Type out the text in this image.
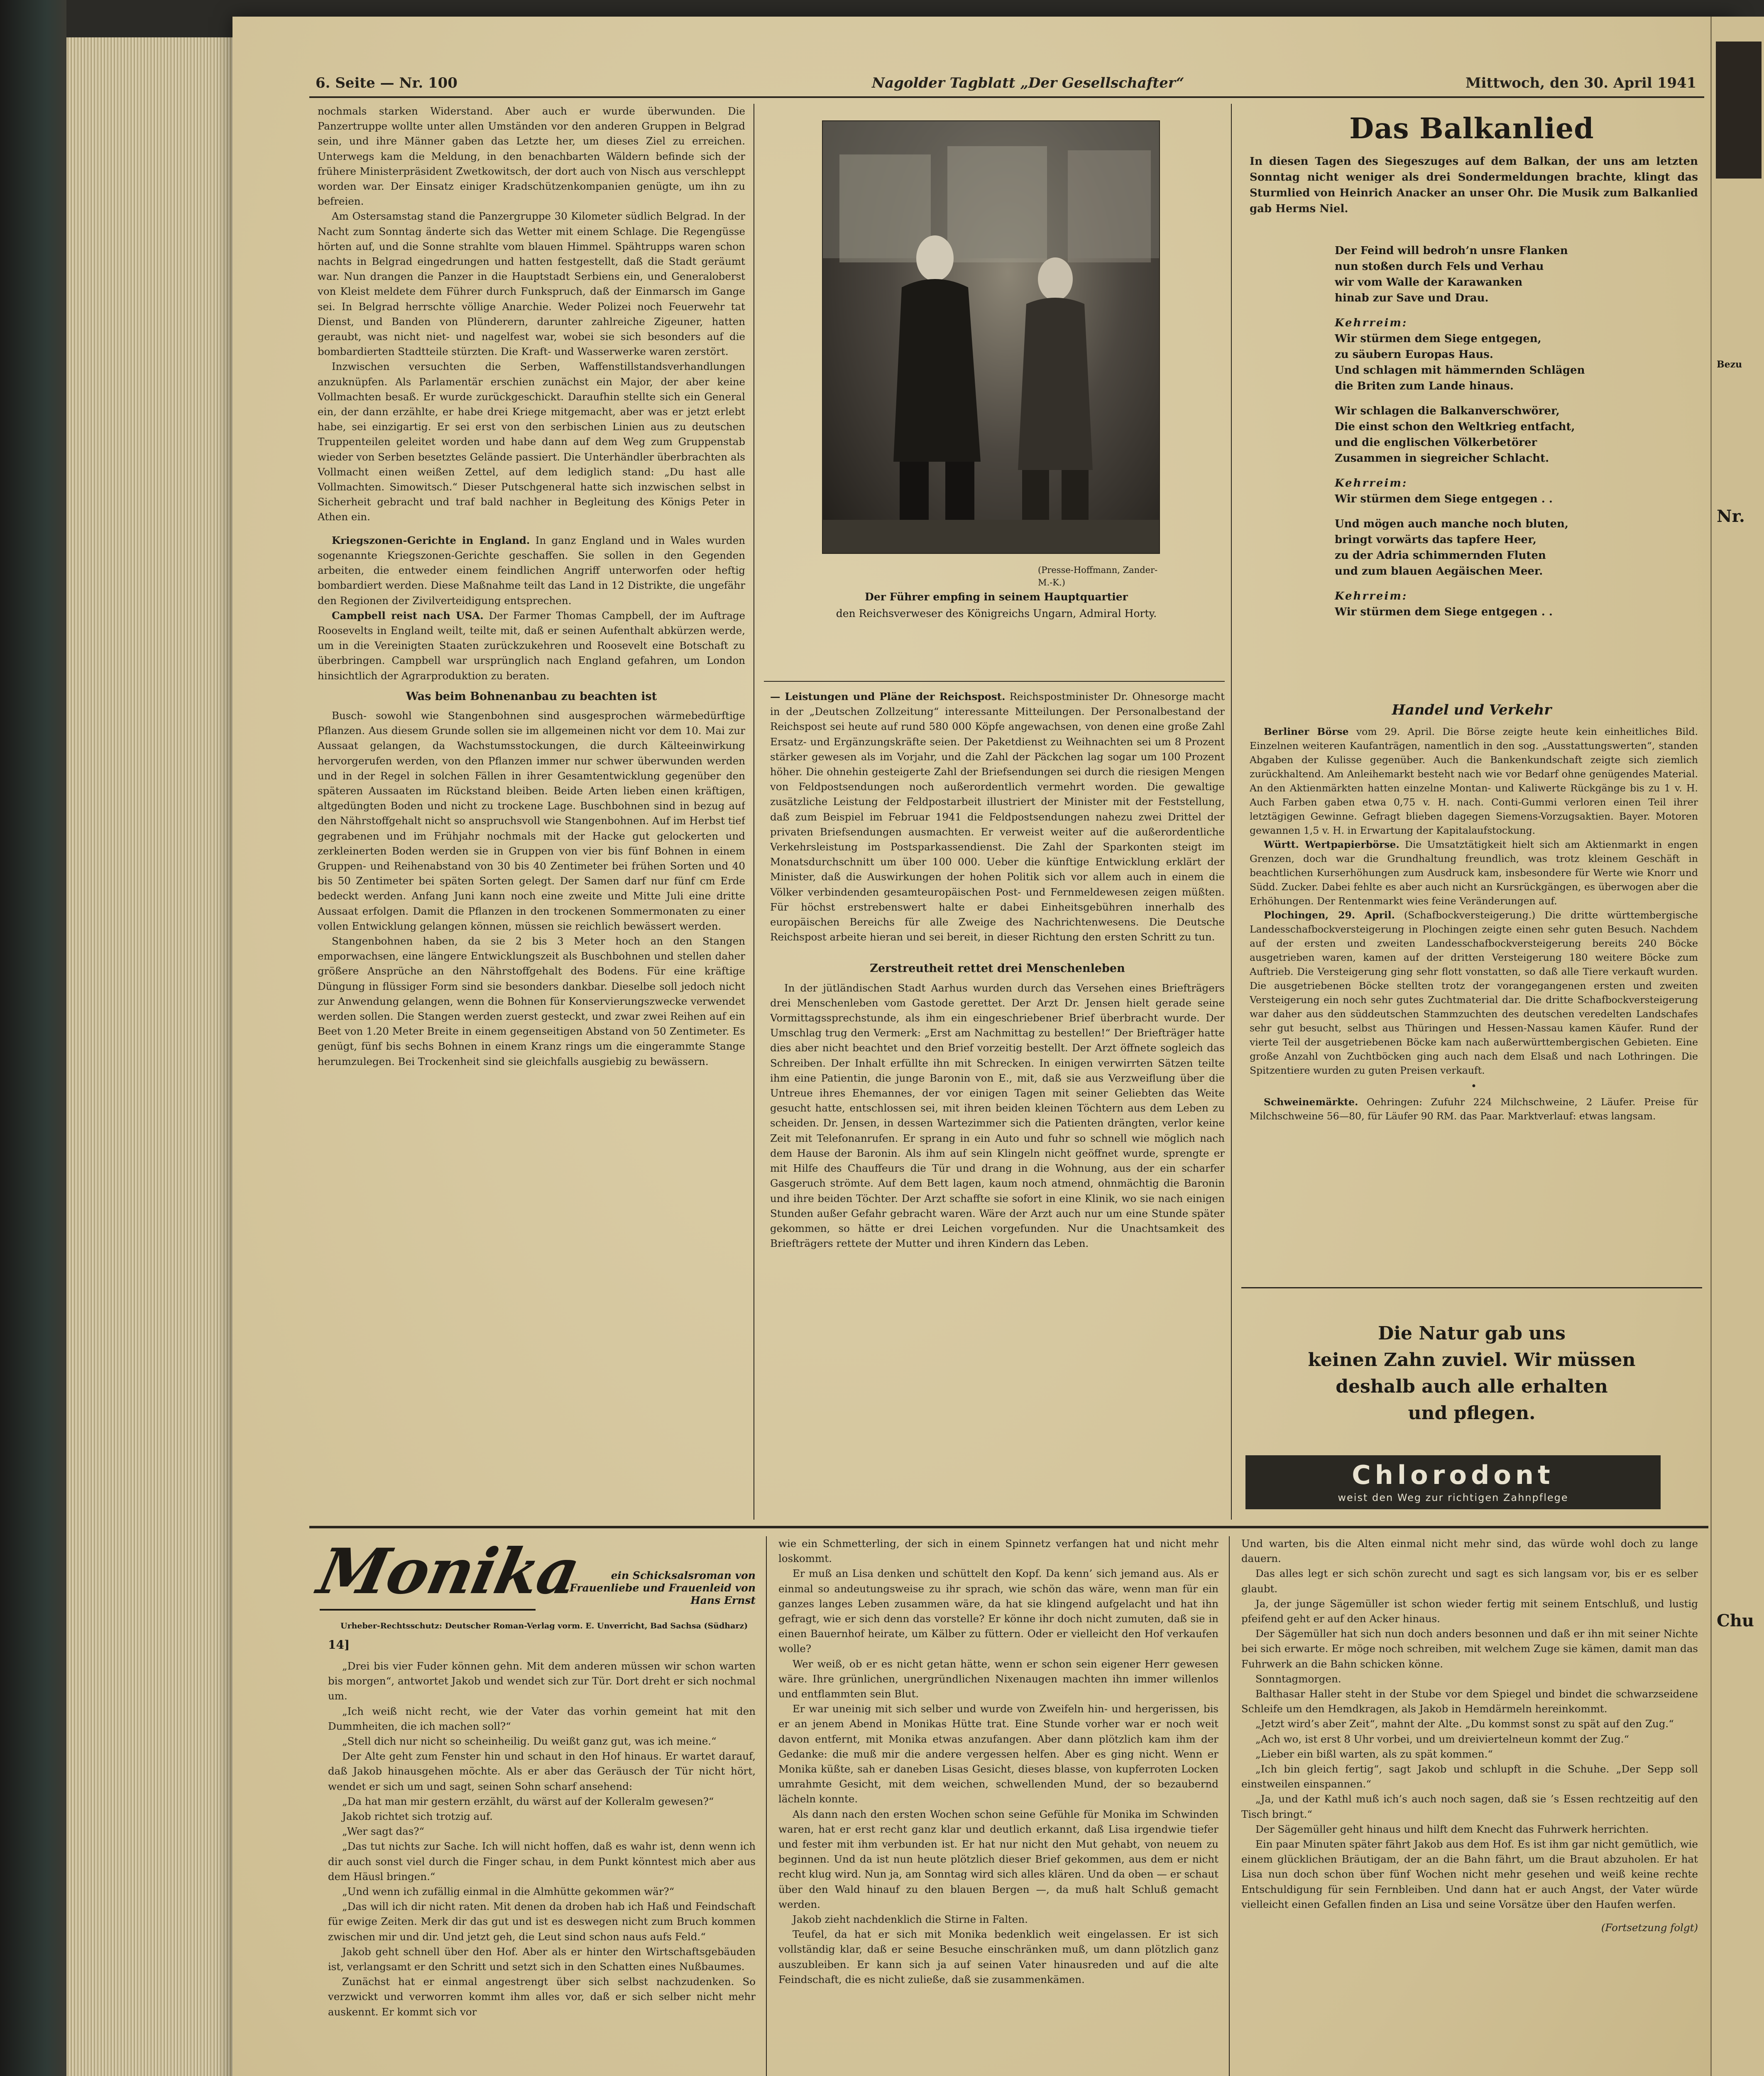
Bezu
Nr.
Chu
6. Seite — Nr. 100	Nagolder Tagblatt „Der Gesellschafter“	Mittwoch, den 30. April 1941

nochmals starken Widerstand. Aber auch er wurde überwunden. Die Panzertruppe wollte unter allen Umständen vor den anderen Gruppen in Belgrad sein, und ihre Männer gaben das Letzte her, um dieses Ziel zu erreichen. Unterwegs kam die Meldung, in den benachbarten Wäldern befinde sich der frühere Ministerpräsident Zwetkowitsch, der dort auch von Nisch aus verschleppt worden war. Der Einsatz einiger Kradschützenkompanien genügte, um ihn zu befreien.

Am Ostersamstag stand die Panzergruppe 30 Kilometer südlich Belgrad. In der Nacht zum Sonntag änderte sich das Wetter mit einem Schlage. Die Regengüsse hörten auf, und die Sonne strahlte vom blauen Himmel. Spähtrupps waren schon nachts in Belgrad eingedrungen und hatten festgestellt, daß die Stadt geräumt war. Nun drangen die Panzer in die Hauptstadt Serbiens ein, und Generaloberst von Kleist meldete dem Führer durch Funkspruch, daß der Einmarsch im Gange sei. In Belgrad herrschte völlige Anarchie. Weder Polizei noch Feuerwehr tat Dienst, und Banden von Plünderern, darunter zahlreiche Zigeuner, hatten geraubt, was nicht niet- und nagelfest war, wobei sie sich besonders auf die bombardierten Stadtteile stürzten. Die Kraft- und Wasserwerke waren zerstört.

Inzwischen versuchten die Serben, Waffenstillstandsverhandlungen anzuknüpfen. Als Parlamentär erschien zunächst ein Major, der aber keine Vollmachten besaß. Er wurde zurückgeschickt. Daraufhin stellte sich ein General ein, der dann erzählte, er habe drei Kriege mitgemacht, aber was er jetzt erlebt habe, sei einzigartig. Er sei erst von den serbischen Linien aus zu deutschen Truppenteilen geleitet worden und habe dann auf dem Weg zum Gruppenstab wieder von Serben besetztes Gelände passiert. Die Unterhändler überbrachten als Vollmacht einen weißen Zettel, auf dem lediglich stand: „Du hast alle Vollmachten. Simowitsch.“ Dieser Putschgeneral hatte sich inzwischen selbst in Sicherheit gebracht und traf bald nachher in Begleitung des Königs Peter in Athen ein.

Kriegszonen-Gerichte in England. In ganz England und in Wales wurden sogenannte Kriegszonen-Gerichte geschaffen. Sie sollen in den Gegenden arbeiten, die entweder einem feindlichen Angriff unterworfen oder heftig bombardiert werden. Diese Maßnahme teilt das Land in 12 Distrikte, die ungefähr den Regionen der Zivilverteidigung entsprechen.

Campbell reist nach USA. Der Farmer Thomas Campbell, der im Auftrage Roosevelts in England weilt, teilte mit, daß er seinen Aufenthalt abkürzen werde, um in die Vereinigten Staaten zurückzukehren und Roosevelt eine Botschaft zu überbringen. Campbell war ursprünglich nach England gefahren, um London hinsichtlich der Agrarproduktion zu beraten.

Was beim Bohnenanbau zu beachten ist

Busch- sowohl wie Stangenbohnen sind ausgesprochen wärmebedürftige Pflanzen. Aus diesem Grunde sollen sie im allgemeinen nicht vor dem 10. Mai zur Aussaat gelangen, da Wachstumsstockungen, die durch Kälteeinwirkung hervorgerufen werden, von den Pflanzen immer nur schwer überwunden werden und in der Regel in solchen Fällen in ihrer Gesamtentwicklung gegenüber den späteren Aussaaten im Rückstand bleiben. Beide Arten lieben einen kräftigen, altgedüngten Boden und nicht zu trockene Lage. Buschbohnen sind in bezug auf den Nährstoffgehalt nicht so anspruchsvoll wie Stangenbohnen. Auf im Herbst tief gegrabenen und im Frühjahr nochmals mit der Hacke gut gelockerten und zerkleinerten Boden werden sie in Gruppen von vier bis fünf Bohnen in einem Gruppen- und Reihenabstand von 30 bis 40 Zentimeter bei frühen Sorten und 40 bis 50 Zentimeter bei späten Sorten gelegt. Der Samen darf nur fünf cm Erde bedeckt werden. Anfang Juni kann noch eine zweite und Mitte Juli eine dritte Aussaat erfolgen. Damit die Pflanzen in den trockenen Sommermonaten zu einer vollen Entwicklung gelangen können, müssen sie reichlich bewässert werden.

Stangenbohnen haben, da sie 2 bis 3 Meter hoch an den Stangen emporwachsen, eine längere Entwicklungszeit als Buschbohnen und stellen daher größere Ansprüche an den Nährstoffgehalt des Bodens. Für eine kräftige Düngung in flüssiger Form sind sie besonders dankbar. Dieselbe soll jedoch nicht zur Anwendung gelangen, wenn die Bohnen für Konservierungszwecke verwendet werden sollen. Die Stangen werden zuerst gesteckt, und zwar zwei Reihen auf ein Beet von 1.20 Meter Breite in einem gegenseitigen Abstand von 50 Zentimeter. Es genügt, fünf bis sechs Bohnen in einem Kranz rings um die eingerammte Stange herumzulegen. Bei Trockenheit sind sie gleichfalls ausgiebig zu bewässern.

(Presse-Hoffmann, Zander-M.-K.)
Der Führer empfing in seinem Hauptquartier
den Reichsverweser des Königreichs Ungarn, Admiral Horty.

— Leistungen und Pläne der Reichspost. Reichspostminister Dr. Ohnesorge macht in der „Deutschen Zollzeitung“ interessante Mitteilungen. Der Personalbestand der Reichspost sei heute auf rund 580 000 Köpfe angewachsen, von denen eine große Zahl Ersatz- und Ergänzungskräfte seien. Der Paketdienst zu Weihnachten sei um 8 Prozent stärker gewesen als im Vorjahr, und die Zahl der Päckchen lag sogar um 100 Prozent höher. Die ohnehin gesteigerte Zahl der Briefsendungen sei durch die riesigen Mengen von Feldpostsendungen noch außerordentlich vermehrt worden. Die gewaltige zusätzliche Leistung der Feldpostarbeit illustriert der Minister mit der Feststellung, daß zum Beispiel im Februar 1941 die Feldpostsendungen nahezu zwei Drittel der privaten Briefsendungen ausmachten. Er verweist weiter auf die außerordentliche Verkehrsleistung im Postsparkassendienst. Die Zahl der Sparkonten steigt im Monatsdurchschnitt um über 100 000. Ueber die künftige Entwicklung erklärt der Minister, daß die Auswirkungen der hohen Politik sich vor allem auch in einem die Völker verbindenden gesamteuropäischen Post- und Fernmeldewesen zeigen müßten. Für höchst erstrebenswert halte er dabei Einheitsgebühren innerhalb des europäischen Bereichs für alle Zweige des Nachrichtenwesens. Die Deutsche Reichspost arbeite hieran und sei bereit, in dieser Richtung den ersten Schritt zu tun.

Zerstreutheit rettet drei Menschenleben

In der jütländischen Stadt Aarhus wurden durch das Versehen eines Briefträgers drei Menschenleben vom Gastode gerettet. Der Arzt Dr. Jensen hielt gerade seine Vormittagssprechstunde, als ihm ein eingeschriebener Brief überbracht wurde. Der Umschlag trug den Vermerk: „Erst am Nachmittag zu bestellen!“ Der Briefträger hatte dies aber nicht beachtet und den Brief vorzeitig bestellt. Der Arzt öffnete sogleich das Schreiben. Der Inhalt erfüllte ihn mit Schrecken. In einigen verwirrten Sätzen teilte ihm eine Patientin, die junge Baronin von E., mit, daß sie aus Verzweiflung über die Untreue ihres Ehemannes, der vor einigen Tagen mit seiner Geliebten das Weite gesucht hatte, entschlossen sei, mit ihren beiden kleinen Töchtern aus dem Leben zu scheiden. Dr. Jensen, in dessen Wartezimmer sich die Patienten drängten, verlor keine Zeit mit Telefonanrufen. Er sprang in ein Auto und fuhr so schnell wie möglich nach dem Hause der Baronin. Als ihm auf sein Klingeln nicht geöffnet wurde, sprengte er mit Hilfe des Chauffeurs die Tür und drang in die Wohnung, aus der ein scharfer Gasgeruch strömte. Auf dem Bett lagen, kaum noch atmend, ohnmächtig die Baronin und ihre beiden Töchter. Der Arzt schaffte sie sofort in eine Klinik, wo sie nach einigen Stunden außer Gefahr gebracht waren. Wäre der Arzt auch nur um eine Stunde später gekommen, so hätte er drei Leichen vorgefunden. Nur die Unachtsamkeit des Briefträgers rettete der Mutter und ihren Kindern das Leben.

Das Balkanlied
In diesen Tagen des Siegeszuges auf dem Balkan, der uns am letzten Sonntag nicht weniger als drei Sondermeldungen brachte, klingt das Sturmlied von Heinrich Anacker an unser Ohr. Die Musik zum Balkanlied gab Herms Niel.
Der Feind will bedroh’n unsre Flanken
nun stoßen durch Fels und Verhau
wir vom Walle der Karawanken
hinab zur Save und Drau.
Kehrreim:
Wir stürmen dem Siege entgegen,
zu säubern Europas Haus.
Und schlagen mit hämmernden Schlägen
die Briten zum Lande hinaus.
Wir schlagen die Balkanverschwörer,
Die einst schon den Weltkrieg entfacht,
und die englischen Völkerbetörer
Zusammen in siegreicher Schlacht.
Kehrreim:
Wir stürmen dem Siege entgegen . .
Und mögen auch manche noch bluten,
bringt vorwärts das tapfere Heer,
zu der Adria schimmernden Fluten
und zum blauen Aegäischen Meer.
Kehrreim:
Wir stürmen dem Siege entgegen . .
Handel und Verkehr

Berliner Börse vom 29. April. Die Börse zeigte heute kein einheitliches Bild. Einzelnen weiteren Kaufanträgen, namentlich in den sog. „Ausstattungswerten“, standen Abgaben der Kulisse gegenüber. Auch die Bankenkundschaft zeigte sich ziemlich zurückhaltend. Am Anleihemarkt besteht nach wie vor Bedarf ohne genügendes Material. An den Aktienmärkten hatten einzelne Montan- und Kaliwerte Rückgänge bis zu 1 v. H. Auch Farben gaben etwa 0,75 v. H. nach. Conti-Gummi verloren einen Teil ihrer letztägigen Gewinne. Gefragt blieben dagegen Siemens-Vorzugsaktien. Bayer. Motoren gewannen 1,5 v. H. in Erwartung der Kapitalaufstockung.

Württ. Wertpapierbörse. Die Umsatztätigkeit hielt sich am Aktienmarkt in engen Grenzen, doch war die Grundhaltung freundlich, was trotz kleinem Geschäft in beachtlichen Kurserhöhungen zum Ausdruck kam, insbesondere für Werte wie Knorr und Südd. Zucker. Dabei fehlte es aber auch nicht an Kursrückgängen, es überwogen aber die Erhöhungen. Der Rentenmarkt wies feine Veränderungen auf.

Plochingen, 29. April. (Schafbockversteigerung.) Die dritte württembergische Landesschafbockversteigerung in Plochingen zeigte einen sehr guten Besuch. Nachdem auf der ersten und zweiten Landesschafbockversteigerung bereits 240 Böcke ausgetrieben waren, kamen auf der dritten Versteigerung 180 weitere Böcke zum Auftrieb. Die Versteigerung ging sehr flott vonstatten, so daß alle Tiere verkauft wurden. Die ausgetriebenen Böcke stellten trotz der vorangegangenen ersten und zweiten Versteigerung ein noch sehr gutes Zuchtmaterial dar. Die dritte Schafbockversteigerung war daher aus den süddeutschen Stammzuchten des deutschen veredelten Landschafes sehr gut besucht, selbst aus Thüringen und Hessen-Nassau kamen Käufer. Rund der vierte Teil der ausgetriebenen Böcke kam nach außerwürttembergischen Gebieten. Eine große Anzahl von Zuchtböcken ging auch nach dem Elsaß und nach Lothringen. Die Spitzentiere wurden zu guten Preisen verkauft.

•

Schweinemärkte. Oehringen: Zufuhr 224 Milchschweine, 2 Läufer. Preise für Milchschweine 56—80, für Läufer 90 RM. das Paar. Marktverlauf: etwas langsam.

Die Natur gab uns
keinen Zahn zuviel. Wir müssen
deshalb auch alle erhalten
und pflegen.
Chlorodont
weist den Weg zur richtigen Zahnpflege
Monika	ein Schicksalsroman von Frauenliebe und Frauenleid von Hans Ernst
Urheber-Rechtsschutz: Deutscher Roman-Verlag vorm. E. Unverricht, Bad Sachsa (Südharz)
14]

„Drei bis vier Fuder können gehn. Mit dem anderen müssen wir schon warten bis morgen“, antwortet Jakob und wendet sich zur Tür. Dort dreht er sich nochmal um.

„Ich weiß nicht recht, wie der Vater das vorhin gemeint hat mit den Dummheiten, die ich machen soll?“

„Stell dich nur nicht so scheinheilig. Du weißt ganz gut, was ich meine.“

Der Alte geht zum Fenster hin und schaut in den Hof hinaus. Er wartet darauf, daß Jakob hinausgehen möchte. Als er aber das Geräusch der Tür nicht hört, wendet er sich um und sagt, seinen Sohn scharf ansehend:

„Da hat man mir gestern erzählt, du wärst auf der Kolleralm gewesen?“

Jakob richtet sich trotzig auf.

„Wer sagt das?“

„Das tut nichts zur Sache. Ich will nicht hoffen, daß es wahr ist, denn wenn ich dir auch sonst viel durch die Finger schau, in dem Punkt könntest mich aber aus dem Häusl bringen.“

„Und wenn ich zufällig einmal in die Almhütte gekommen wär?“

„Das will ich dir nicht raten. Mit denen da droben hab ich Haß und Feindschaft für ewige Zeiten. Merk dir das gut und ist es deswegen nicht zum Bruch kommen zwischen mir und dir. Und jetzt geh, die Leut sind schon naus aufs Feld.“

Jakob geht schnell über den Hof. Aber als er hinter den Wirtschaftsgebäuden ist, verlangsamt er den Schritt und setzt sich in den Schatten eines Nußbaumes.

Zunächst hat er einmal angestrengt über sich selbst nachzudenken. So verzwickt und verworren kommt ihm alles vor, daß er sich selber nicht mehr auskennt. Er kommt sich vor

wie ein Schmetterling, der sich in einem Spinnetz verfangen hat und nicht mehr loskommt.

Er muß an Lisa denken und schüttelt den Kopf. Da kenn’ sich jemand aus. Als er einmal so andeutungsweise zu ihr sprach, wie schön das wäre, wenn man für ein ganzes langes Leben zusammen wäre, da hat sie klingend aufgelacht und hat ihn gefragt, wie er sich denn das vorstelle? Er könne ihr doch nicht zumuten, daß sie in einen Bauernhof heirate, um Kälber zu füttern. Oder er vielleicht den Hof verkaufen wolle?

Wer weiß, ob er es nicht getan hätte, wenn er schon sein eigener Herr gewesen wäre. Ihre grünlichen, unergründlichen Nixenaugen machten ihn immer willenlos und entflammten sein Blut.

Er war uneinig mit sich selber und wurde von Zweifeln hin- und hergerissen, bis er an jenem Abend in Monikas Hütte trat. Eine Stunde vorher war er noch weit davon entfernt, mit Monika etwas anzufangen. Aber dann plötzlich kam ihm der Gedanke: die muß mir die andere vergessen helfen. Aber es ging nicht. Wenn er Monika küßte, sah er daneben Lisas Gesicht, dieses blasse, von kupferroten Locken umrahmte Gesicht, mit dem weichen, schwellenden Mund, der so bezaubernd lächeln konnte.

Als dann nach den ersten Wochen schon seine Gefühle für Monika im Schwinden waren, hat er erst recht ganz klar und deutlich erkannt, daß Lisa irgendwie tiefer und fester mit ihm verbunden ist. Er hat nur nicht den Mut gehabt, von neuem zu beginnen. Und da ist nun heute plötzlich dieser Brief gekommen, aus dem er nicht recht klug wird. Nun ja, am Sonntag wird sich alles klären. Und da oben — er schaut über den Wald hinauf zu den blauen Bergen —, da muß halt Schluß gemacht werden.

Jakob zieht nachdenklich die Stirne in Falten.

Teufel, da hat er sich mit Monika bedenklich weit eingelassen. Er ist sich vollständig klar, daß er seine Besuche einschränken muß, um dann plötzlich ganz auszubleiben. Er kann sich ja auf seinen Vater hinausreden und auf die alte Feindschaft, die es nicht zuließe, daß sie zusammenkämen.

Und warten, bis die Alten einmal nicht mehr sind, das würde wohl doch zu lange dauern.

Das alles legt er sich schön zurecht und sagt es sich langsam vor, bis er es selber glaubt.

Ja, der junge Sägemüller ist schon wieder fertig mit seinem Entschluß, und lustig pfeifend geht er auf den Acker hinaus.

Der Sägemüller hat sich nun doch anders besonnen und daß er ihn mit seiner Nichte bei sich erwarte. Er möge noch schreiben, mit welchem Zuge sie kämen, damit man das Fuhrwerk an die Bahn schicken könne.

Sonntagmorgen.

Balthasar Haller steht in der Stube vor dem Spiegel und bindet die schwarzseidene Schleife um den Hemdkragen, als Jakob in Hemdärmeln hereinkommt.

„Jetzt wird’s aber Zeit“, mahnt der Alte. „Du kommst sonst zu spät auf den Zug.“

„Ach wo, ist erst 8 Uhr vorbei, und um dreiviertelneun kommt der Zug.“

„Lieber ein bißl warten, als zu spät kommen.“

„Ich bin gleich fertig“, sagt Jakob und schlupft in die Schuhe. „Der Sepp soll einstweilen einspannen.“

„Ja, und der Kathl muß ich’s auch noch sagen, daß sie ’s Essen rechtzeitig auf den Tisch bringt.“

Der Sägemüller geht hinaus und hilft dem Knecht das Fuhrwerk herrichten.

Ein paar Minuten später fährt Jakob aus dem Hof. Es ist ihm gar nicht gemütlich, wie einem glücklichen Bräutigam, der an die Bahn fährt, um die Braut abzuholen. Er hat Lisa nun doch schon über fünf Wochen nicht mehr gesehen und weiß keine rechte Entschuldigung für sein Fernbleiben. Und dann hat er auch Angst, der Vater würde vielleicht einen Gefallen finden an Lisa und seine Vorsätze über den Haufen werfen.

(Fortsetzung folgt)
